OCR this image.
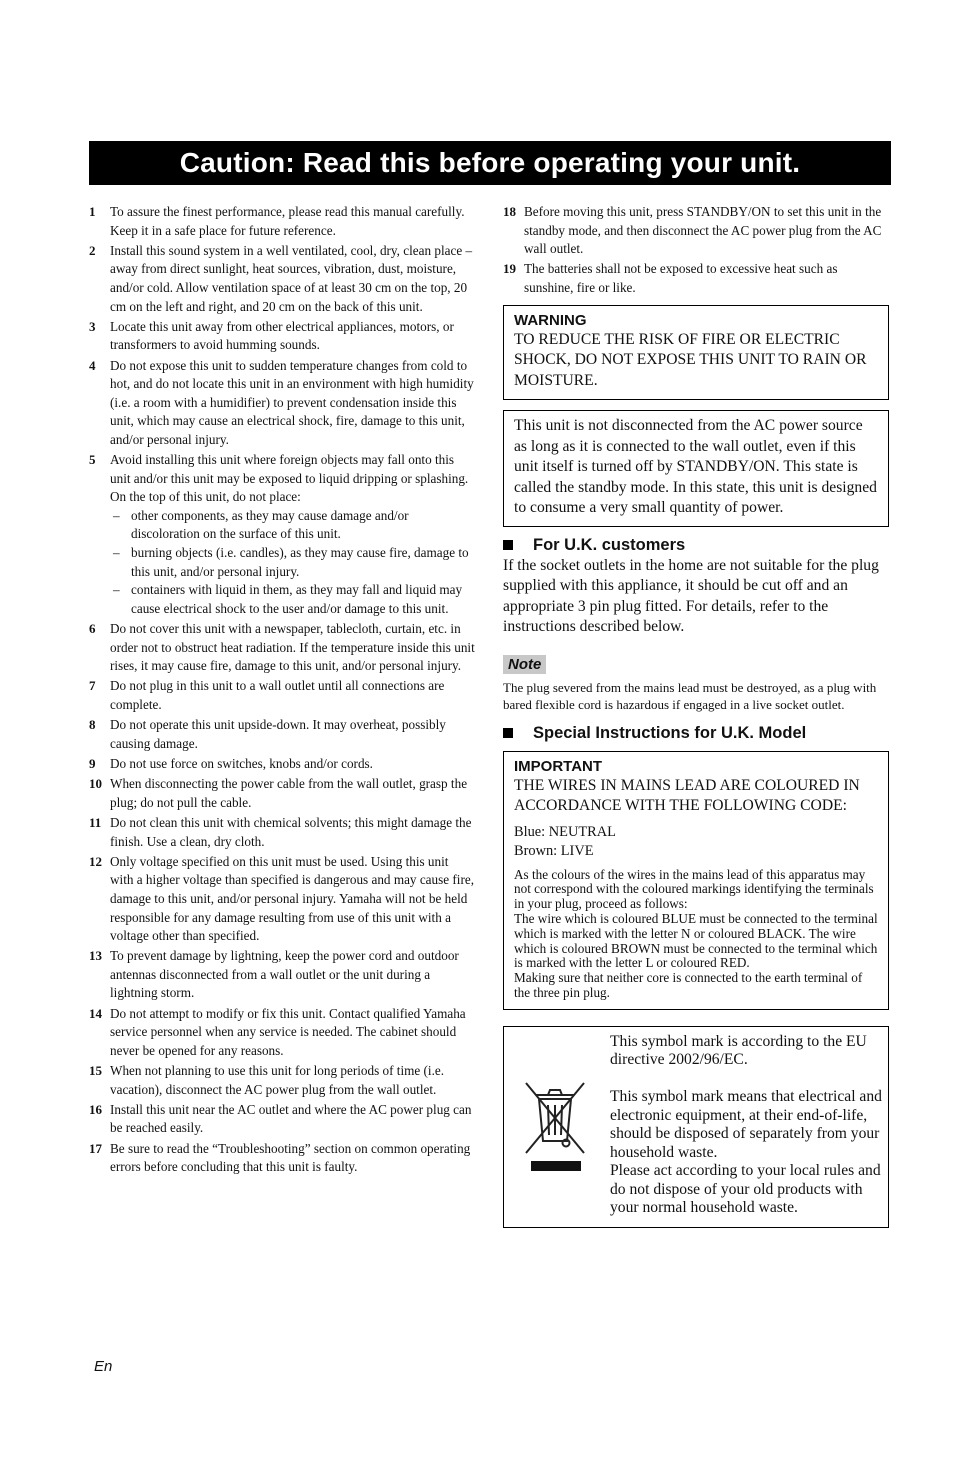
Caution: Read this before operating your unit.
1 To assure the finest performance, please read this manual carefully. Keep it in a safe place for future reference.
2 Install this sound system in a well ventilated, cool, dry, clean place – away from direct sunlight, heat sources, vibration, dust, moisture, and/or cold. Allow ventilation space of at least 30 cm on the top, 20 cm on the left and right, and 20 cm on the back of this unit.
3 Locate this unit away from other electrical appliances, motors, or transformers to avoid humming sounds.
4 Do not expose this unit to sudden temperature changes from cold to hot, and do not locate this unit in an environment with high humidity (i.e. a room with a humidifier) to prevent condensation inside this unit, which may cause an electrical shock, fire, damage to this unit, and/or personal injury.
5 Avoid installing this unit where foreign objects may fall onto this unit and/or this unit may be exposed to liquid dripping or splashing. On the top of this unit, do not place:
– other components, as they may cause damage and/or discoloration on the surface of this unit.
– burning objects (i.e. candles), as they may cause fire, damage to this unit, and/or personal injury.
– containers with liquid in them, as they may fall and liquid may cause electrical shock to the user and/or damage to this unit.
6 Do not cover this unit with a newspaper, tablecloth, curtain, etc. in order not to obstruct heat radiation. If the temperature inside this unit rises, it may cause fire, damage to this unit, and/or personal injury.
7 Do not plug in this unit to a wall outlet until all connections are complete.
8 Do not operate this unit upside-down. It may overheat, possibly causing damage.
9 Do not use force on switches, knobs and/or cords.
10 When disconnecting the power cable from the wall outlet, grasp the plug; do not pull the cable.
11 Do not clean this unit with chemical solvents; this might damage the finish. Use a clean, dry cloth.
12 Only voltage specified on this unit must be used. Using this unit with a higher voltage than specified is dangerous and may cause fire, damage to this unit, and/or personal injury. Yamaha will not be held responsible for any damage resulting from use of this unit with a voltage other than specified.
13 To prevent damage by lightning, keep the power cord and outdoor antennas disconnected from a wall outlet or the unit during a lightning storm.
14 Do not attempt to modify or fix this unit. Contact qualified Yamaha service personnel when any service is needed. The cabinet should never be opened for any reasons.
15 When not planning to use this unit for long periods of time (i.e. vacation), disconnect the AC power plug from the wall outlet.
16 Install this unit near the AC outlet and where the AC power plug can be reached easily.
17 Be sure to read the “Troubleshooting” section on common operating errors before concluding that this unit is faulty.
18 Before moving this unit, press STANDBY/ON to set this unit in the standby mode, and then disconnect the AC power plug from the AC wall outlet.
19 The batteries shall not be exposed to excessive heat such as sunshine, fire or like.
WARNING
TO REDUCE THE RISK OF FIRE OR ELECTRIC SHOCK, DO NOT EXPOSE THIS UNIT TO RAIN OR MOISTURE.
This unit is not disconnected from the AC power source as long as it is connected to the wall outlet, even if this unit itself is turned off by STANDBY/ON. This state is called the standby mode. In this state, this unit is designed to consume a very small quantity of power.
For U.K. customers
If the socket outlets in the home are not suitable for the plug supplied with this appliance, it should be cut off and an appropriate 3 pin plug fitted. For details, refer to the instructions described below.
Note
The plug severed from the mains lead must be destroyed, as a plug with bared flexible cord is hazardous if engaged in a live socket outlet.
Special Instructions for U.K. Model
IMPORTANT
THE WIRES IN MAINS LEAD ARE COLOURED IN ACCORDANCE WITH THE FOLLOWING CODE:
Blue: NEUTRAL
Brown: LIVE
As the colours of the wires in the mains lead of this apparatus may not correspond with the coloured markings identifying the terminals in your plug, proceed as follows:
The wire which is coloured BLUE must be connected to the terminal which is marked with the letter N or coloured BLACK. The wire which is coloured BROWN must be connected to the terminal which is marked with the letter L or coloured RED.
Making sure that neither core is connected to the earth terminal of the three pin plug.

This symbol mark is according to the EU directive 2002/96/EC.

This symbol mark means that electrical and electronic equipment, at their end-of-life, should be disposed of separately from your household waste.

Please act according to your local rules and do not dispose of your old products with your normal household waste.

En
